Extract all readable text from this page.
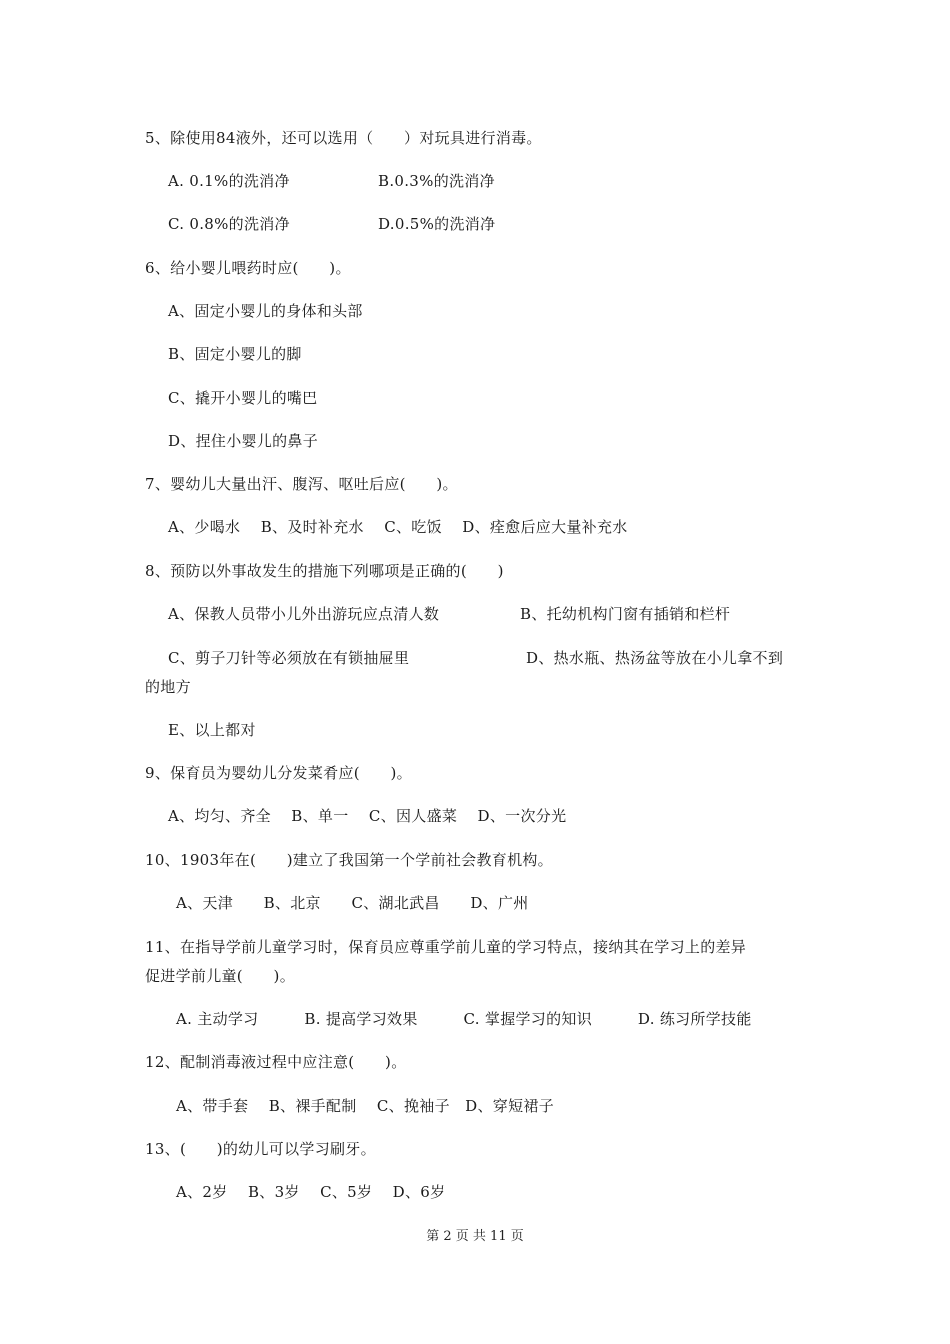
5、除使用84液外，还可以选用（　　）对玩具进行消毒。
A. 0.1%的洗消净	B.0.3%的洗消净
C. 0.8%的洗消净	D.0.5%的洗消净
6、给小婴儿喂药时应(　　)。
A、固定小婴儿的身体和头部
B、固定小婴儿的脚
C、撬开小婴儿的嘴巴
D、捏住小婴儿的鼻子
7、婴幼儿大量出汗、腹泻、呕吐后应(　　)。
A、少喝水　 B、及时补充水　 C、吃饭　 D、痊愈后应大量补充水
8、预防以外事故发生的措施下列哪项是正确的(　　)
A、保教人员带小儿外出游玩应点清人数	B、托幼机构门窗有插销和栏杆
C、剪子刀针等必须放在有锁抽屉里	D、热水瓶、热汤盆等放在小儿拿不到
的地方
E、以上都对
9、保育员为婴幼儿分发菜肴应(　　)。
A、均匀、齐全　 B、单一　 C、因人盛菜　 D、一次分光
10、1903年在(　　)建立了我国第一个学前社会教育机构。
A、天津　　B、北京　　C、湖北武昌　　D、广州
11、在指导学前儿童学习时，保育员应尊重学前儿童的学习特点，接纳其在学习上的差异
促进学前儿童(　　)。
A. 主动学习　　　B. 提高学习效果　　　C. 掌握学习的知识　　　D. 练习所学技能
12、配制消毒液过程中应注意(　　)。
A、带手套　 B、裸手配制　 C、挽袖子　D、穿短裙子
13、(　　)的幼儿可以学习刷牙。
A、2岁　 B、3岁　 C、5岁　 D、6岁
第 2 页 共 11 页
